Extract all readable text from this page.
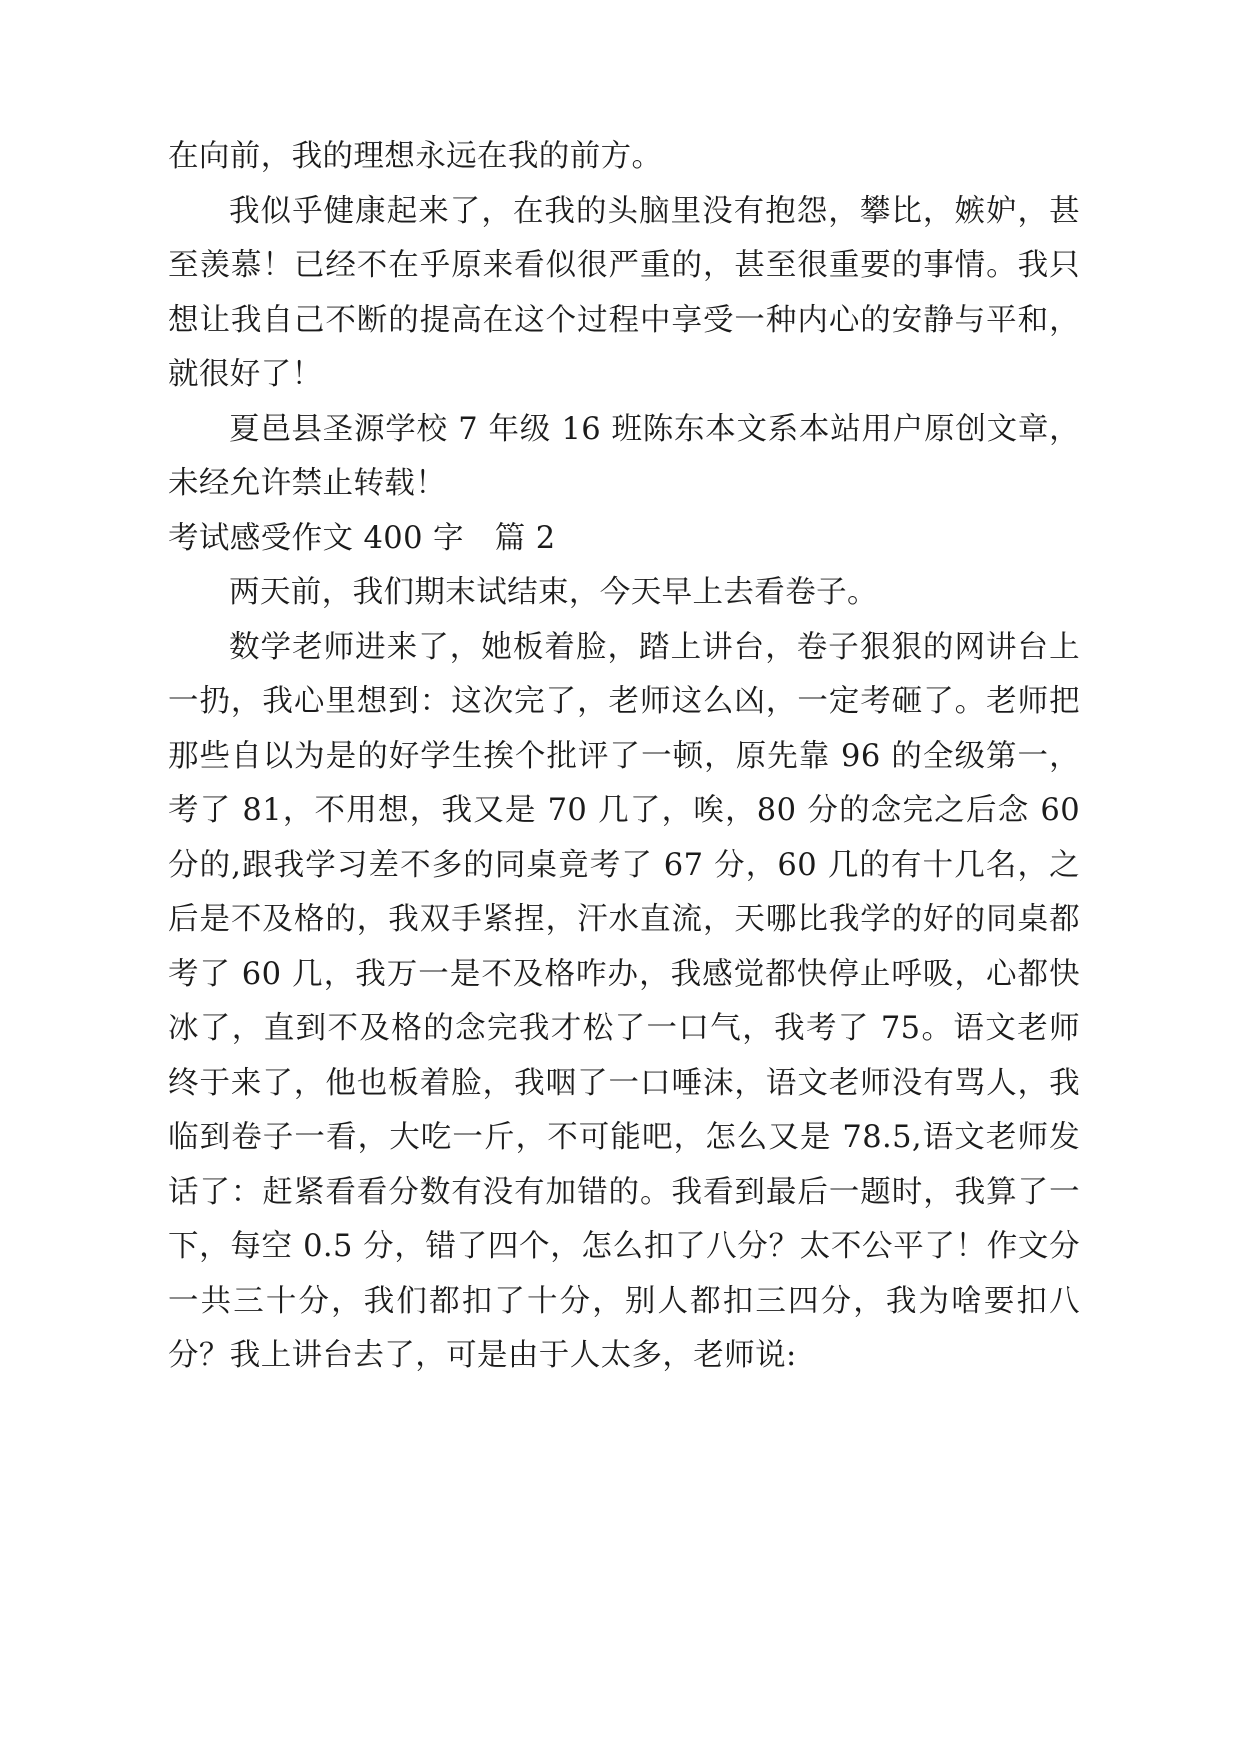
在向前，我的理想永远在我的前方。

我似乎健康起来了，在我的头脑里没有抱怨，攀比，嫉妒，甚至羡慕！已经不在乎原来看似很严重的，甚至很重要的事情。我只想让我自己不断的提高在这个过程中享受一种内心的安静与平和，就很好了！

夏邑县圣源学校 7 年级 16 班陈东本文系本站用户原创文章，未经允许禁止转载！

考试感受作文 400 字　篇 2

两天前，我们期末试结束，今天早上去看卷子。

数学老师进来了，她板着脸，踏上讲台，卷子狠狠的网讲台上一扔，我心里想到：这次完了，老师这么凶，一定考砸了。老师把那些自以为是的好学生挨个批评了一顿，原先靠 96 的全级第一，考了 81，不用想，我又是 70 几了，唉，80 分的念完之后念 60 分的,跟我学习差不多的同桌竟考了 67 分，60 几的有十几名，之后是不及格的，我双手紧捏，汗水直流，天哪比我学的好的同桌都考了 60 几，我万一是不及格咋办，我感觉都快停止呼吸，心都快冰了，直到不及格的念完我才松了一口气，我考了 75。语文老师终于来了，他也板着脸，我咽了一口唾沫，语文老师没有骂人，我临到卷子一看，大吃一斤，不可能吧，怎么又是 78.5,语文老师发话了：赶紧看看分数有没有加错的。我看到最后一题时，我算了一下，每空 0.5 分，错了四个，怎么扣了八分？太不公平了！作文分一共三十分，我们都扣了十分，别人都扣三四分，我为啥要扣八分？我上讲台去了，可是由于人太多，老师说:
